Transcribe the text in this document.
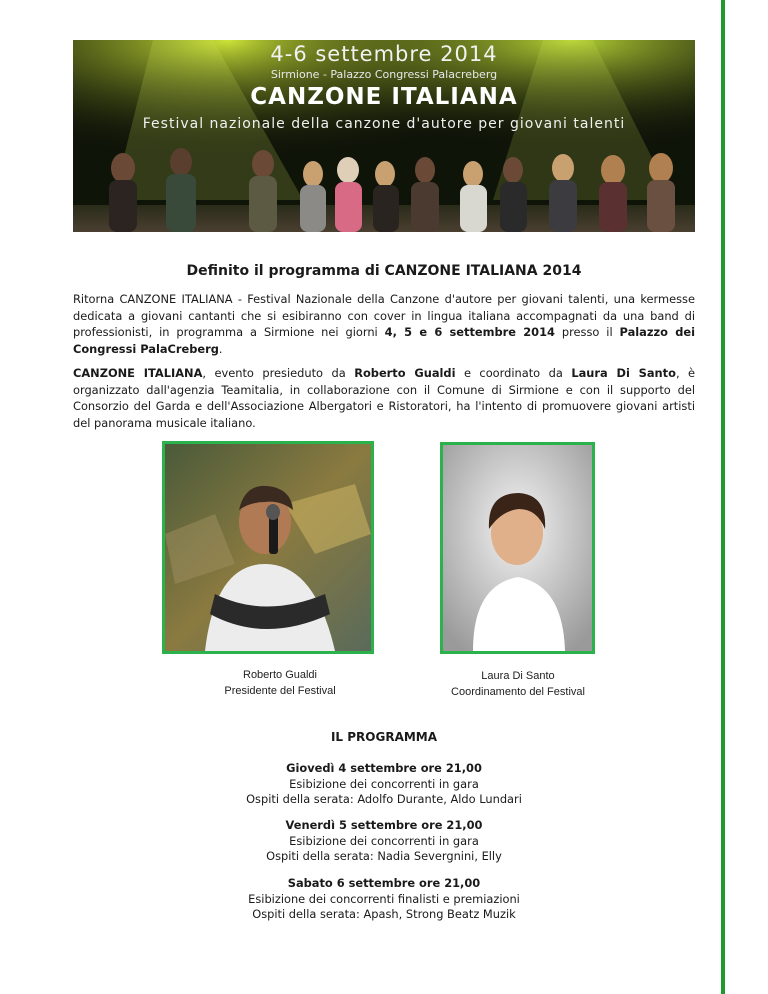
4-6 settembre 2014
Sirmione - Palazzo Congressi Palacreberg
CANZONE ITALIANA
Festival nazionale della canzone d'autore per giovani talenti
Definito il programma di CANZONE ITALIANA 2014
Ritorna CANZONE ITALIANA - Festival Nazionale della Canzone d'autore per giovani talenti, una kermesse dedicata a giovani cantanti che si esibiranno con cover in lingua italiana accompagnati da una band di professionisti, in programma a Sirmione nei giorni 4, 5 e 6 settembre 2014 presso il Palazzo dei Congressi PalaCreberg.
CANZONE ITALIANA, evento presieduto da Roberto Gualdi e coordinato da Laura Di Santo, è organizzato dall'agenzia Teamitalia, in collaborazione con il Comune di Sirmione e con il supporto del Consorzio del Garda e dell'Associazione Albergatori e Ristoratori, ha l'intento di promuovere giovani artisti del panorama musicale italiano.
Roberto Gualdi
Presidente del Festival
Laura Di Santo
Coordinamento del Festival
IL PROGRAMMA
Giovedì 4 settembre ore 21,00
Esibizione dei concorrenti in gara
Ospiti della serata: Adolfo Durante, Aldo Lundari
Venerdì 5 settembre ore 21,00
Esibizione dei concorrenti in gara
Ospiti della serata: Nadia Severgnini, Elly
Sabato 6 settembre ore 21,00
Esibizione dei concorrenti finalisti e premiazioni
Ospiti della serata: Apash, Strong Beatz Muzik
